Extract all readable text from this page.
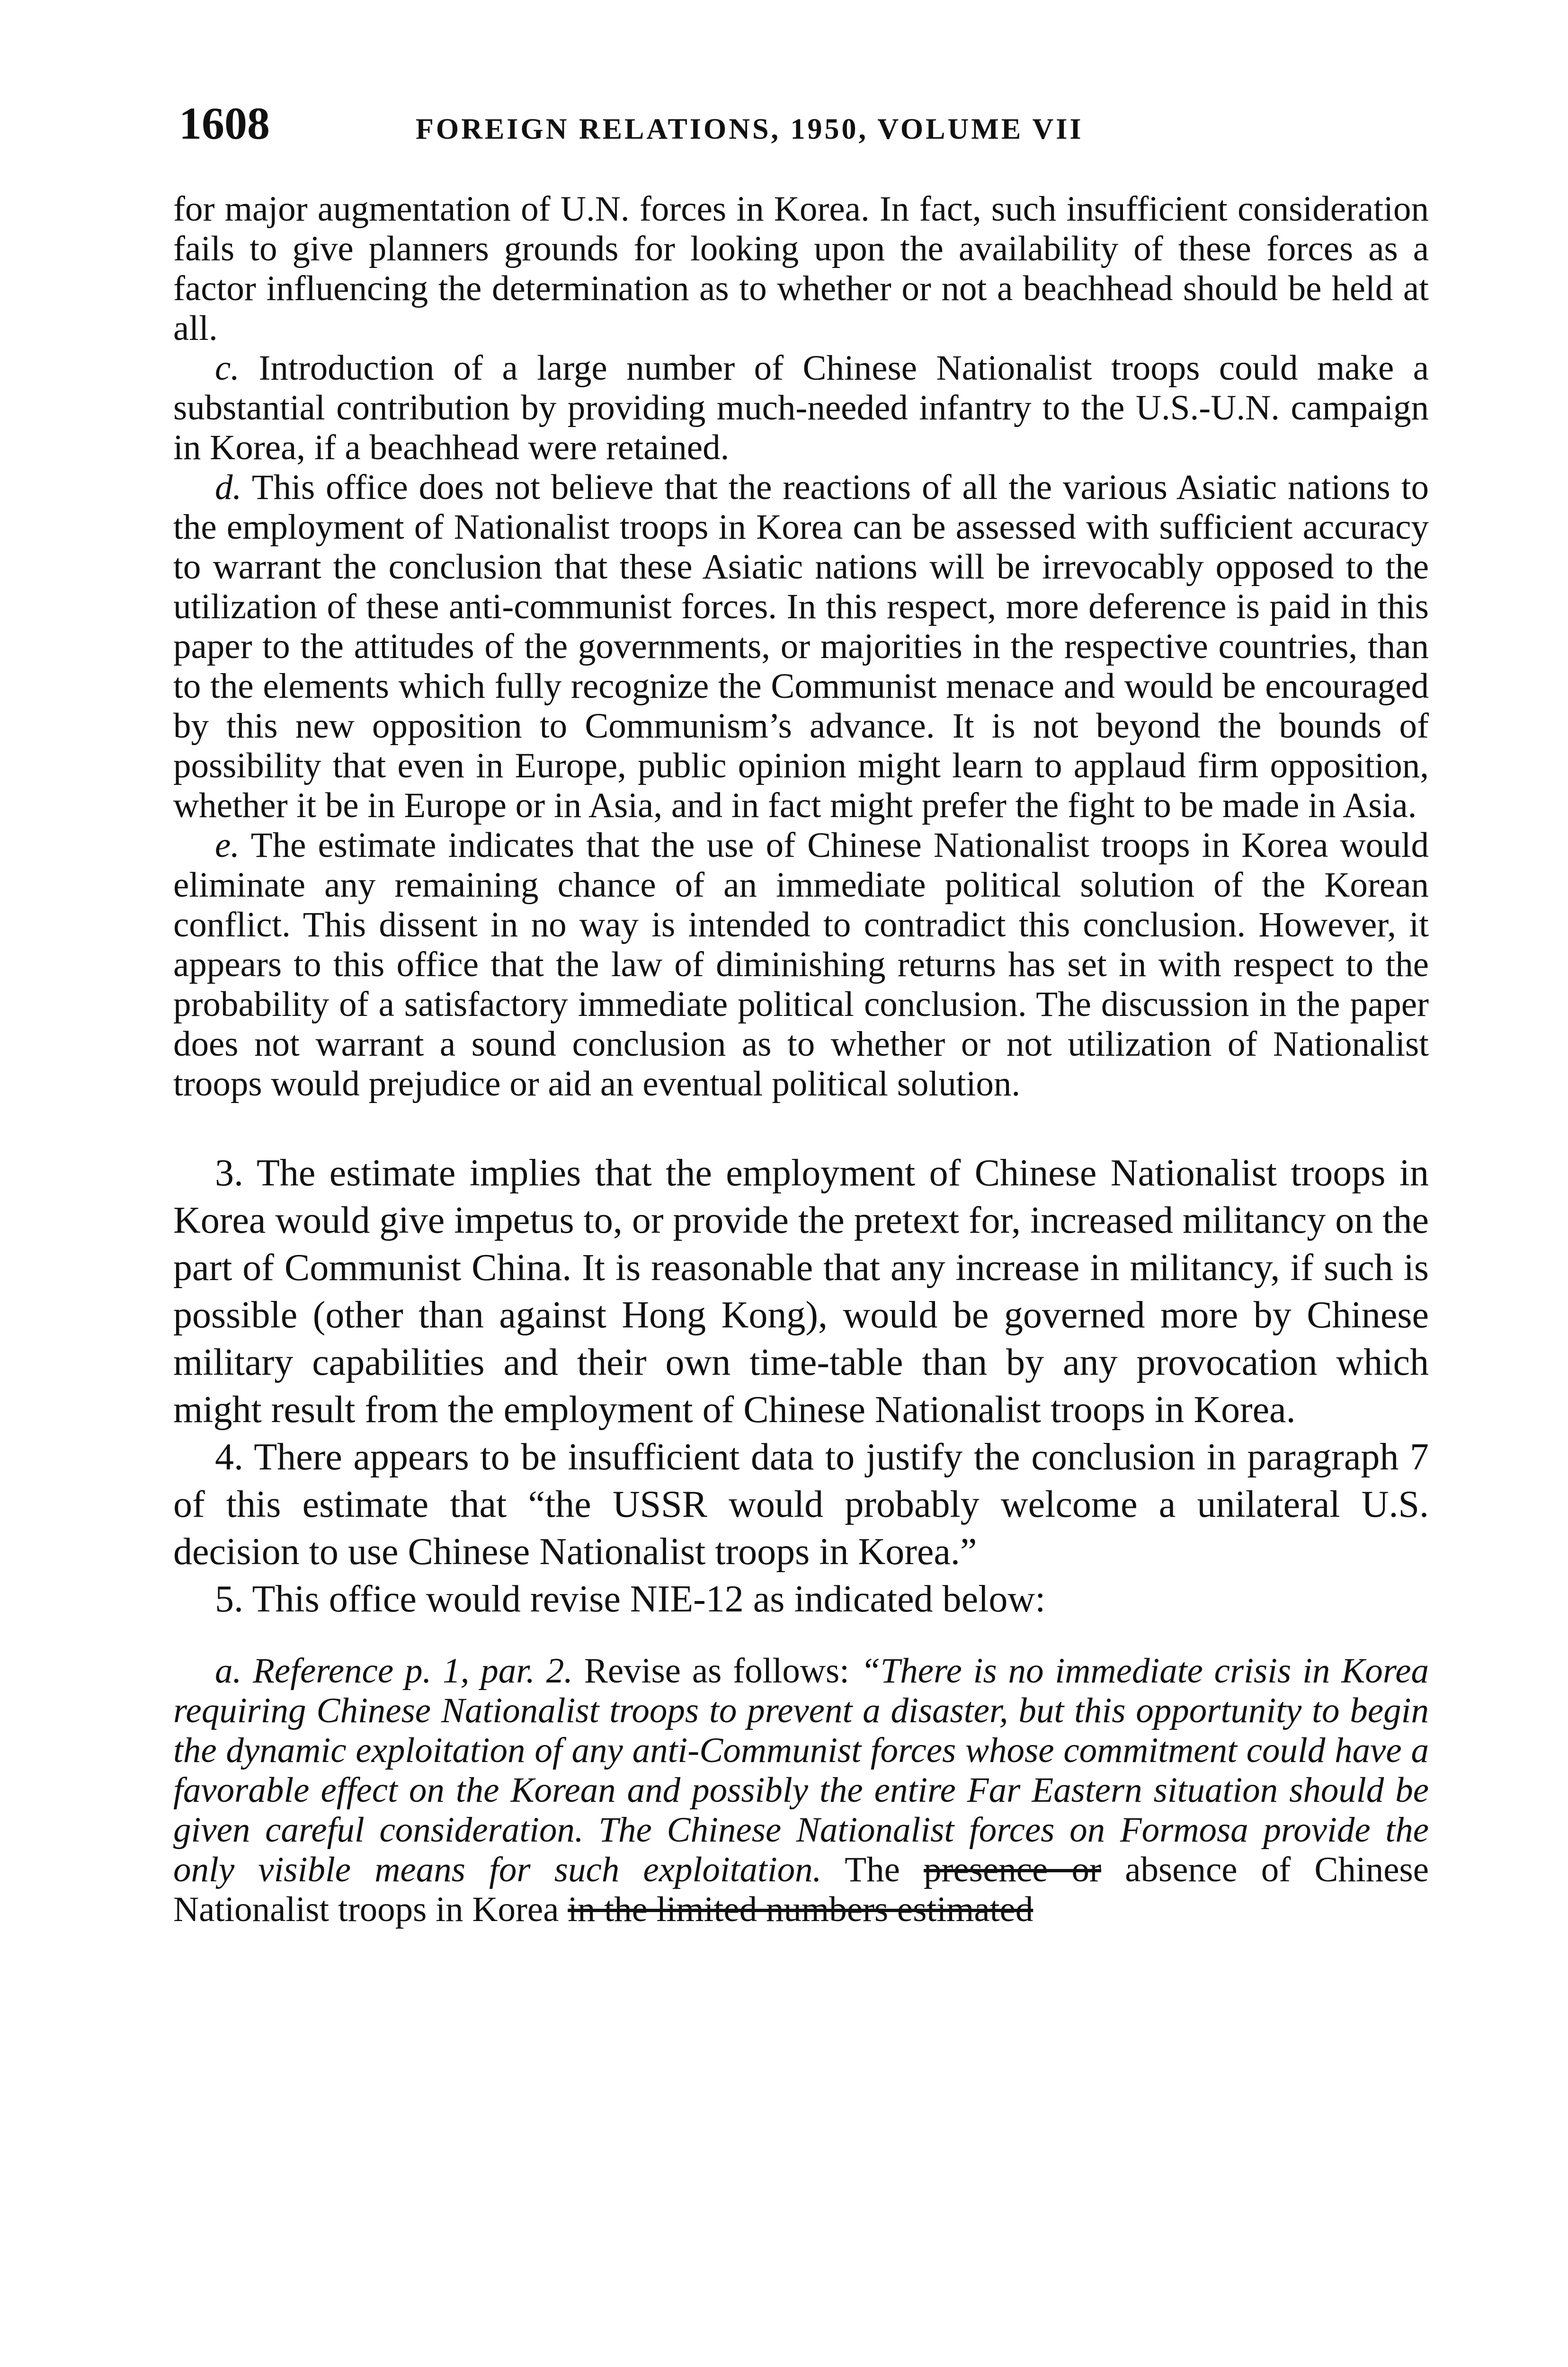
1608	FOREIGN RELATIONS, 1950, VOLUME VII

for major augmentation of U.N. forces in Korea. In fact, such insufficient consideration fails to give planners grounds for looking upon the availability of these forces as a factor influencing the determination as to whether or not a beachhead should be held at all.

c. Introduction of a large number of Chinese Nationalist troops could make a substantial contribution by providing much-needed infantry to the U.S.-U.N. campaign in Korea, if a beachhead were retained.

d. This office does not believe that the reactions of all the various Asiatic nations to the employment of Nationalist troops in Korea can be assessed with sufficient accuracy to warrant the conclusion that these Asiatic nations will be irrevocably opposed to the utilization of these anti-communist forces. In this respect, more deference is paid in this paper to the attitudes of the governments, or majorities in the respective countries, than to the elements which fully recognize the Communist menace and would be encouraged by this new opposition to Communism’s advance. It is not beyond the bounds of possibility that even in Europe, public opinion might learn to applaud firm opposition, whether it be in Europe or in Asia, and in fact might prefer the fight to be made in Asia.

e. The estimate indicates that the use of Chinese Nationalist troops in Korea would eliminate any remaining chance of an immediate political solution of the Korean conflict. This dissent in no way is intended to contradict this conclusion. However, it appears to this office that the law of diminishing returns has set in with respect to the probability of a satisfactory immediate political conclusion. The discussion in the paper does not warrant a sound conclusion as to whether or not utilization of Nationalist troops would prejudice or aid an eventual political solution.

3. The estimate implies that the employment of Chinese Nationalist troops in Korea would give impetus to, or provide the pretext for, increased militancy on the part of Communist China. It is reasonable that any increase in militancy, if such is possible (other than against Hong Kong), would be governed more by Chinese military capabilities and their own time-table than by any provocation which might result from the employment of Chinese Nationalist troops in Korea.

4. There appears to be insufficient data to justify the conclusion in paragraph 7 of this estimate that “the USSR would probably welcome a unilateral U.S. decision to use Chinese Nationalist troops in Korea.”

5. This office would revise NIE-12 as indicated below:

a. Reference p. 1, par. 2. Revise as follows: “There is no immediate crisis in Korea requiring Chinese Nationalist troops to prevent a disaster, but this opportunity to begin the dynamic exploitation of any anti-Communist forces whose commitment could have a favorable effect on the Korean and possibly the entire Far Eastern situation should be given careful consideration. The Chinese Nationalist forces on Formosa provide the only visible means for such exploitation. The presence or absence of Chinese Nationalist troops in Korea in the limited numbers estimated
